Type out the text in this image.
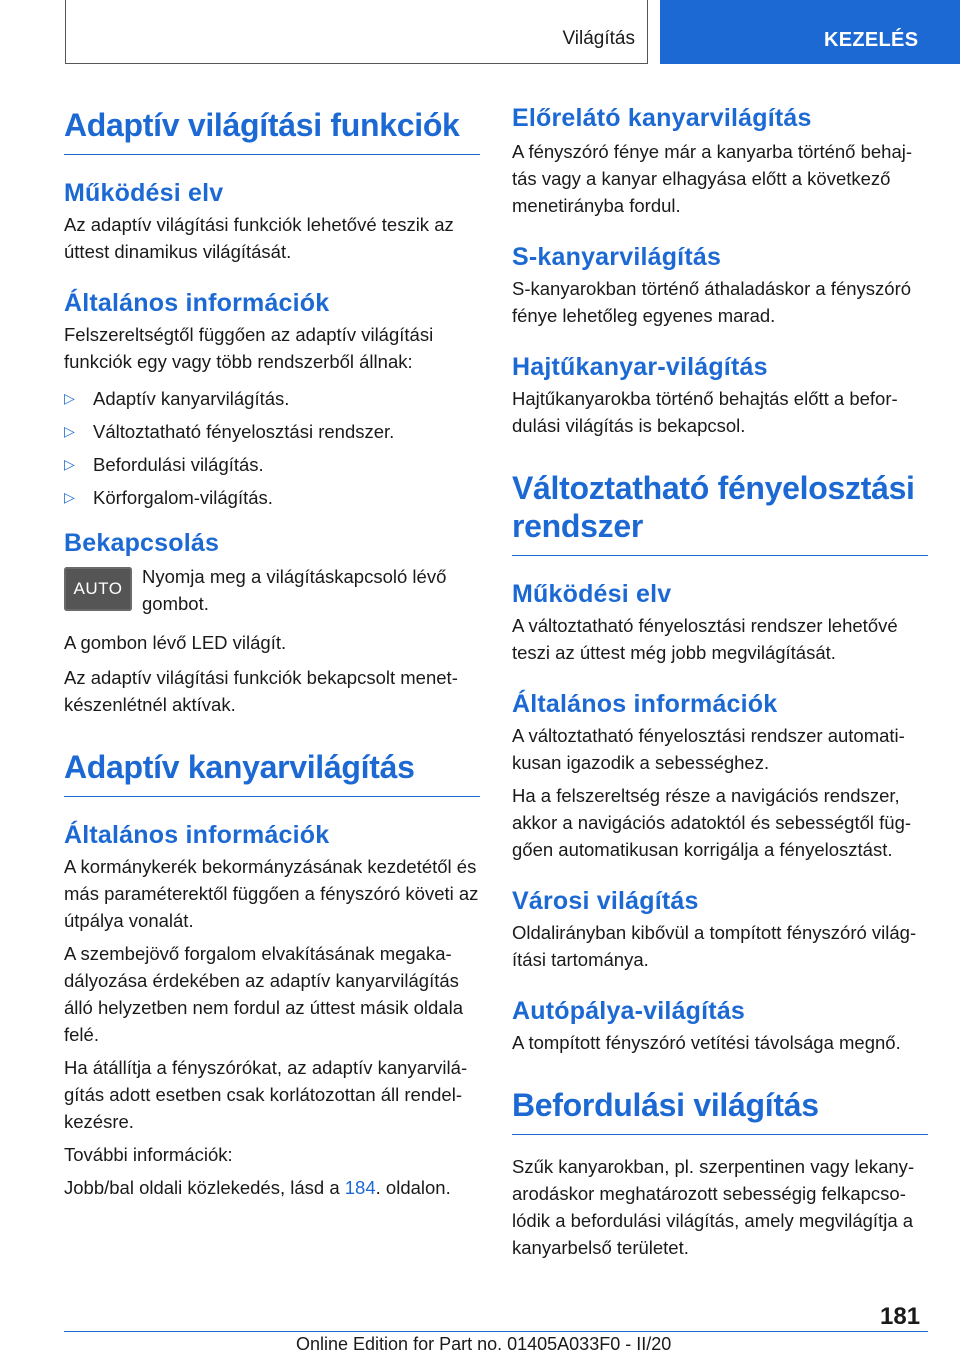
Világítás	KEZELÉS
Adaptív világítási funkciók
Működési elv

Az adaptív világítási funkciók lehetővé teszik az úttest dinamikus világítását.

Általános információk

Felszereltségtől függően az adaptív világítási funkciók egy vagy több rendszerből állnak:

▷ Adaptív kanyarvilágítás.
▷ Változtatható fényelosztási rendszer.
▷ Befordulási világítás.
▷ Körforgalom-világítás.
Bekapcsolás
AUTO

Nyomja meg a világításkapcsoló lévő gombot.

A gombon lévő LED világít.

Az adaptív világítási funkciók bekapcsolt menetkészenlétnél aktívak.

Adaptív kanyarvilágítás
Általános információk

A kormánykerék bekormányzásának kezdetétől és más paraméterektől függően a fényszóró követi az útpálya vonalát.

A szembejövő forgalom elvakításának megakadályozása érdekében az adaptív kanyarvilágítás álló helyzetben nem fordul az úttest másik oldala felé.

Ha átállítja a fényszórókat, az adaptív kanyarvilágítás adott esetben csak korlátozottan áll rendelkezésre.

További információk:

Jobb/bal oldali közlekedés, lásd a 184. oldalon.

Előrelátó kanyarvilágítás

A fényszóró fénye már a kanyarba történő behajtás vagy a kanyar elhagyása előtt a következő menetirányba fordul.

S-kanyarvilágítás

S-kanyarokban történő áthaladáskor a fényszóró fénye lehetőleg egyenes marad.

Hajtűkanyar-világítás

Hajtűkanyarokba történő behajtás előtt a befordulási világítás is bekapcsol.

Változtatható fényelosztási rendszer
Működési elv

A változtatható fényelosztási rendszer lehetővé teszi az úttest még jobb megvilágítását.

Általános információk

A változtatható fényelosztási rendszer automatikusan igazodik a sebességhez.

Ha a felszereltség része a navigációs rendszer, akkor a navigációs adatoktól és sebességtől függően automatikusan korrigálja a fényelosztást.

Városi világítás

Oldalirányban kibővül a tompított fényszóró világítási tartománya.

Autópálya-világítás

A tompított fényszóró vetítési távolsága megnő.

Befordulási világítás

Szűk kanyarokban, pl. szerpentinen vagy lekanyarodáskor meghatározott sebességig felkapcsolódik a befordulási világítás, amely megvilágítja a kanyarbelső területet.

181
Online Edition for Part no. 01405A033F0 - II/20
